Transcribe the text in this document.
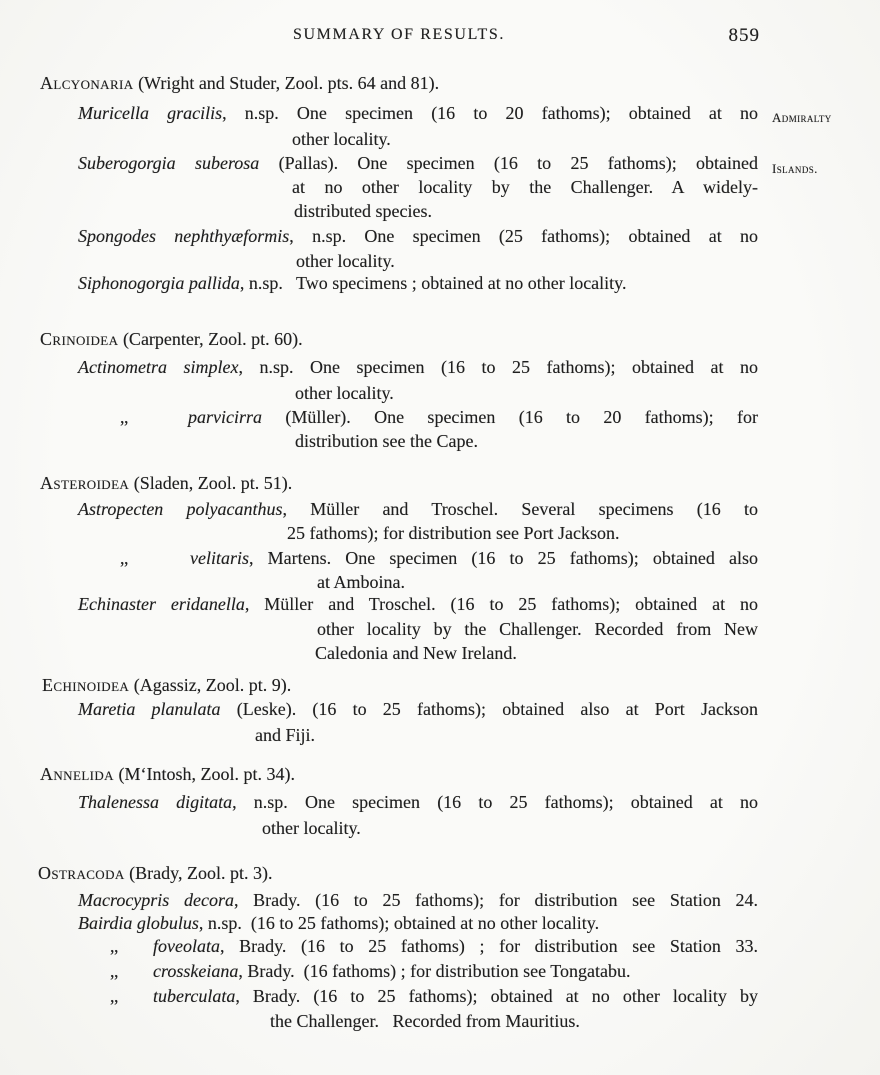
SUMMARY OF RESULTS.	859

Admiralty

Islands.

Alcyonaria (Wright and Studer, Zool. pts. 64 and 81).
Muricella gracilis, n.sp. One specimen (16 to 20 fathoms); obtained at no
other locality.
Suberogorgia suberosa (Pallas). One specimen (16 to 25 fathoms); obtained
at no other locality by the Challenger. A widely-
distributed species.
Spongodes nephthyæformis, n.sp. One specimen (25 fathoms); obtained at no
other locality.
Siphonogorgia pallida, n.sp.   Two specimens ; obtained at no other locality.
Crinoidea (Carpenter, Zool. pt. 60).
Actinometra simplex, n.sp. One specimen (16 to 25 fathoms); obtained at no
other locality.
,,	parvicirra (Müller). One specimen (16 to 20 fathoms); for
distribution see the Cape.
Asteroidea (Sladen, Zool. pt. 51).
Astropecten polyacanthus, Müller and Troschel. Several specimens (16 to
25 fathoms); for distribution see Port Jackson.
,,	velitaris, Martens. One specimen (16 to 25 fathoms); obtained also
at Amboina.
Echinaster eridanella, Müller and Troschel. (16 to 25 fathoms); obtained at no
other locality by the Challenger. Recorded from New
Caledonia and New Ireland.
Echinoidea (Agassiz, Zool. pt. 9).
Maretia planulata (Leske). (16 to 25 fathoms); obtained also at Port Jackson
and Fiji.
Annelida (M‘Intosh, Zool. pt. 34).
Thalenessa digitata, n.sp. One specimen (16 to 25 fathoms); obtained at no
other locality.
Ostracoda (Brady, Zool. pt. 3).
Macrocypris decora, Brady. (16 to 25 fathoms); for distribution see Station 24.
Bairdia globulus, n.sp.  (16 to 25 fathoms); obtained at no other locality.
,, foveolata, Brady. (16 to 25 fathoms) ; for distribution see Station 33.
,, crosskeiana, Brady.  (16 fathoms) ; for distribution see Tongatabu.
,, tuberculata, Brady. (16 to 25 fathoms); obtained at no other locality by
the Challenger.   Recorded from Mauritius.
